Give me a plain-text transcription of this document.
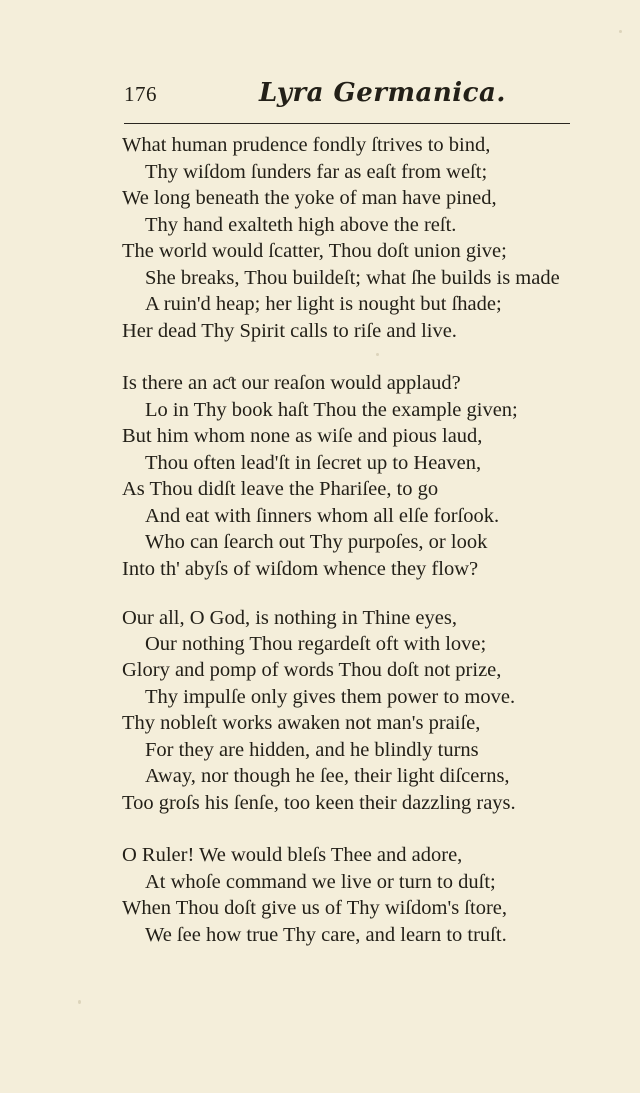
176	Lyra Germanica.
What human prudence fondly ſtrives to bind,
Thy wiſdom ſunders far as eaſt from weſt;
We long beneath the yoke of man have pined,
Thy hand exalteth high above the reſt.
The world would ſcatter, Thou doſt union give;
She breaks, Thou buildeſt; what ſhe builds is made
A ruin'd heap; her light is nought but ſhade;
Her dead Thy Spirit calls to riſe and live.
Is there an aƈt our reaſon would applaud?
Lo in Thy book haſt Thou the example given;
But him whom none as wiſe and pious laud,
Thou often lead'ſt in ſecret up to Heaven,
As Thou didſt leave the Phariſee, to go
And eat with ſinners whom all elſe forſook.
Who can ſearch out Thy purpoſes, or look
Into th' abyſs of wiſdom whence they flow?
Our all, O God, is nothing in Thine eyes,
Our nothing Thou regardeſt oft with love;
Glory and pomp of words Thou doſt not prize,
Thy impulſe only gives them power to move.
Thy nobleſt works awaken not man's praiſe,
For they are hidden, and he blindly turns
Away, nor though he ſee, their light diſcerns,
Too groſs his ſenſe, too keen their dazzling rays.
O Ruler! We would bleſs Thee and adore,
At whoſe command we live or turn to duſt;
When Thou doſt give us of Thy wiſdom's ſtore,
We ſee how true Thy care, and learn to truſt.
